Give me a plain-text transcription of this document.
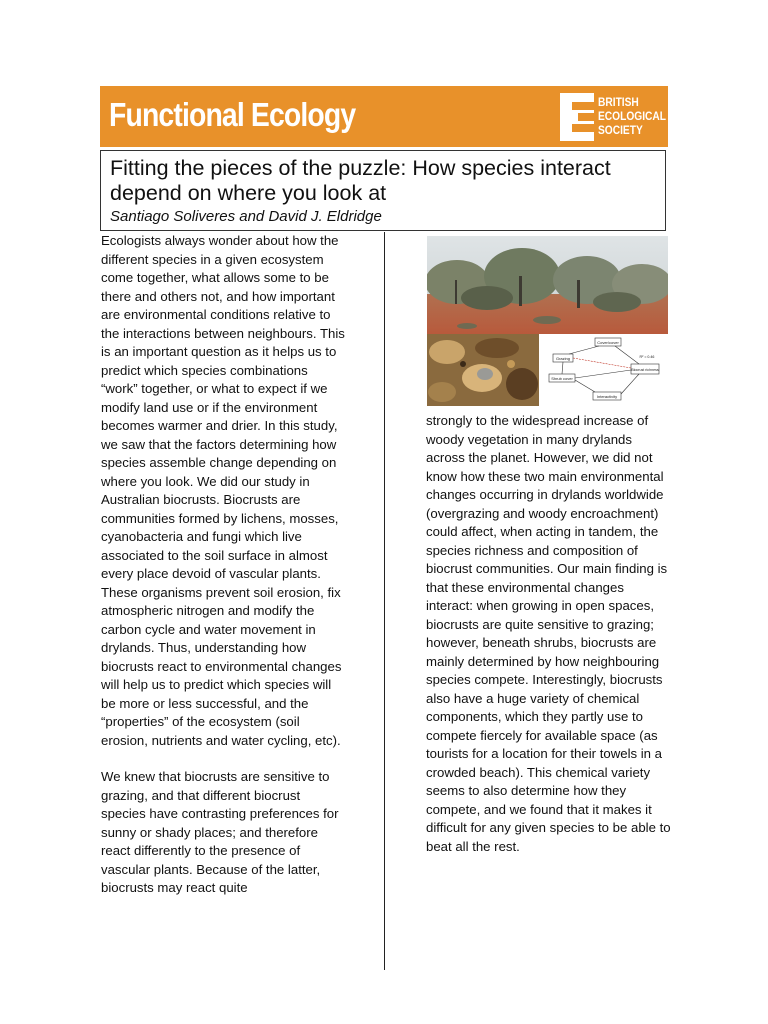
Functional Ecology	BRITISH
ECOLOGICAL
SOCIETY
Fitting the pieces of the puzzle: How species interact depend on where you look at
Santiago Soliveres and David J. Eldridge

Ecologists always wonder about how the different species in a given ecosystem come together, what allows some to be there and others not, and how important are environmental conditions relative to the interactions between neighbours. This is an important question as it helps us to predict which species combinations “work” together, or what to expect if we modify land use or if the environment becomes warmer and drier. In this study, we saw that the factors determining how species assemble change depending on where you look. We did our study in Australian biocrusts. Biocrusts are communities formed by lichens, mosses, cyanobacteria and fungi which live associated to the soil surface in almost every place devoid of vascular plants. These organisms prevent soil erosion, fix atmospheric nitrogen and modify the carbon cycle and water movement in drylands. Thus, understanding how biocrusts react to environmental changes will help us to predict which species will be more or less successful, and the “properties” of the ecosystem (soil erosion, nutrients and water cycling, etc).

We knew that biocrusts are sensitive to grazing, and that different biocrust species have contrasting preferences for sunny or shady places; and therefore react differently to the presence of vascular plants. Because of the latter, biocrusts may react quite

Cover/cover
Grazing
Shrub cover
Biocrust richness
Interactivity
R² = 0.46

strongly to the widespread increase of woody vegetation in many drylands across the planet. However, we did not know how these two main environmental changes occurring in drylands worldwide (overgrazing and woody encroachment) could affect, when acting in tandem, the species richness and composition of biocrust communities. Our main finding is that these environmental changes interact: when growing in open spaces, biocrusts are quite sensitive to grazing; however, beneath shrubs, biocrusts are mainly determined by how neighbouring species compete. Interestingly, biocrusts also have a huge variety of chemical components, which they partly use to compete fiercely for available space (as tourists for a location for their towels in a crowded beach). This chemical variety seems to also determine how they compete, and we found that it makes it difficult for any given species to be able to beat all the rest.
